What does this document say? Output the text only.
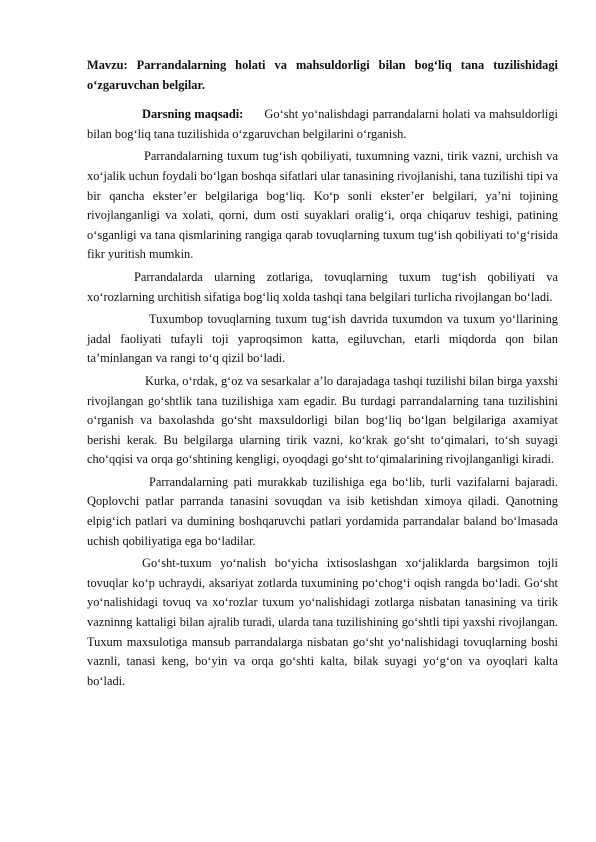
Mavzu: Parrandalarning holati va mahsuldorligi bilan bog‘liq tana tuzilishidagi o‘zgaruvchan belgilar.

Darsning maqsadi: Go‘sht yo‘nalishdagi parrandalarni holati va mahsuldorligi bilan bog‘liq tana tuzilishida o‘zgaruvchan belgilarini o‘rganish.

Parrandalarning tuxum tug‘ish qobiliyati, tuxumning vazni, tirik vazni, urchish va xo‘jalik uchun foydali bo‘lgan boshqa sifatlari ular tanasining rivojlanishi, tana tuzilishi tipi va bir qancha ekster’er belgilariga bog‘liq. Ko‘p sonli ekster’er belgilari, ya’ni tojining rivojlanganligi va xolati, qorni, dum osti suyaklari oralig‘i, orqa chiqaruv teshigi, patining o‘sganligi va tana qismlarining rangiga qarab tovuqlarning tuxum tug‘ish qobiliyati to‘g‘risida fikr yuritish mumkin.

Parrandalarda ularning zotlariga, tovuqlarning tuxum tug‘ish qobiliyati va xo‘rozlarning urchitish sifatiga bog‘liq xolda tashqi tana belgilari turlicha rivojlangan bo‘ladi.

Tuxumbop tovuqlarning tuxum tug‘ish davrida tuxumdon va tuxum yo‘llarining jadal faoliyati tufayli toji yaproqsimon katta, egiluvchan, etarli miqdorda qon bilan ta’minlangan va rangi to‘q qizil bo‘ladi.

Kurka, o‘rdak, g‘oz va sesarkalar a’lo darajadaga tashqi tuzilishi bilan birga yaxshi rivojlangan go‘shtlik tana tuzilishiga xam egadir. Bu turdagi parrandalarning tana tuzilishini o‘rganish va baxolashda go‘sht maxsuldorligi bilan bog‘liq bo‘lgan belgilariga axamiyat berishi kerak. Bu belgilarga ularning tirik vazni, ko‘krak go‘sht to‘qimalari, to‘sh suyagi cho‘qqisi va orqa go‘shtining kengligi, oyoqdagi go‘sht to‘qimalarining rivojlanganligi kiradi.

Parrandalarning pati murakkab tuzilishiga ega bo‘lib, turli vazifalarni bajaradi. Qoplovchi patlar parranda tanasini sovuqdan va isib ketishdan ximoya qiladi. Qanotning elpig‘ich patlari va dumining boshqaruvchi patlari yordamida parrandalar baland bo‘lmasada uchish qobiliyatiga ega bo‘ladilar.

Go‘sht-tuxum yo‘nalish bo‘yicha ixtisoslashgan xo‘jaliklarda bargsimon tojli tovuqlar ko‘p uchraydi, aksariyat zotlarda tuxumining po‘chog‘i oqish rangda bo‘ladi. Go‘sht yo‘nalishidagi tovuq va xo‘rozlar tuxum yo‘nalishidagi zotlarga nisbatan tanasining va tirik vazninng kattaligi bilan ajralib turadi, ularda tana tuzilishining go‘shtli tipi yaxshi rivojlangan. Tuxum maxsulotiga mansub parrandalarga nisbatan go‘sht yo‘nalishidagi tovuqlarning boshi vaznli, tanasi keng, bo‘yin va orqa go‘shti kalta, bilak suyagi yo‘g‘on va oyoqlari kalta bo‘ladi.
